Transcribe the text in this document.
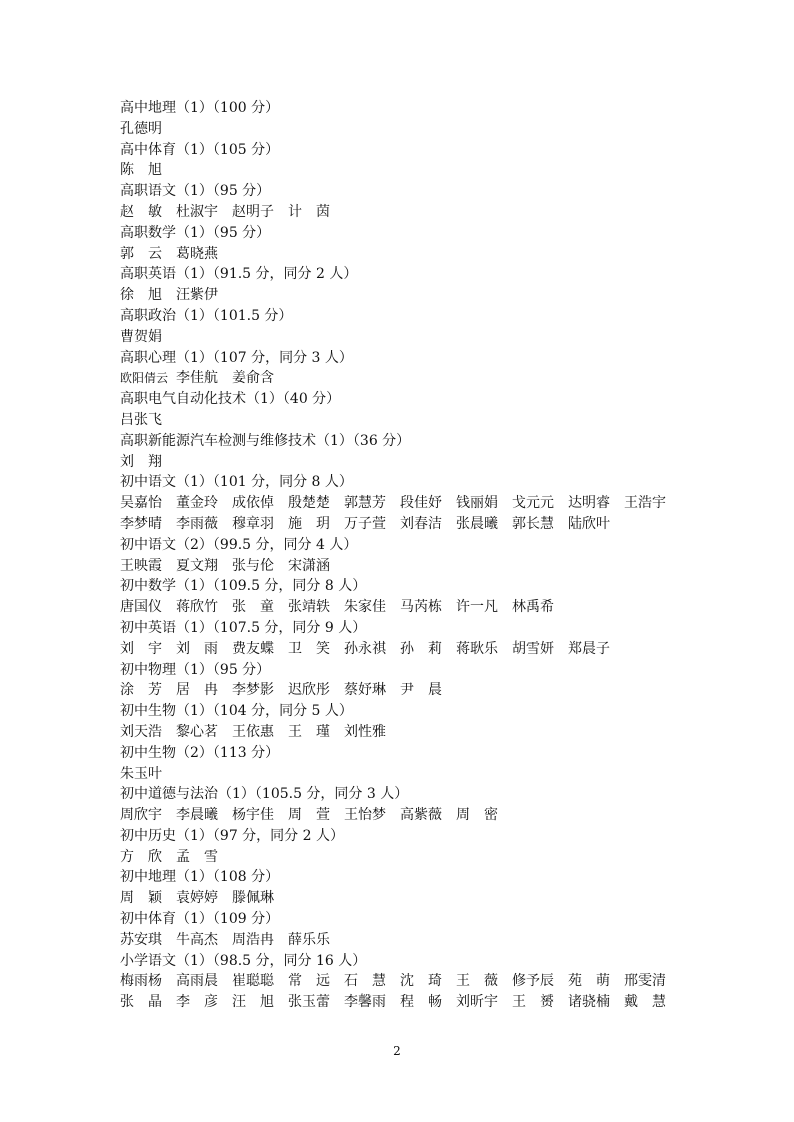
高中地理（1）（100 分）
孔德明
高中体育（1）（105 分）
陈　旭
高职语文（1）（95 分）
赵　敏	杜淑宇	赵明子	计　茵
高职数学（1）（95 分）
郭　云	葛晓燕
高职英语（1）（91.5 分，同分 2 人）
徐　旭	汪紫伊
高职政治（1）（101.5 分）
曹贺娟
高职心理（1）（107 分，同分 3 人）
欧阳倩云 李佳航	姜俞含
高职电气自动化技术（1）（40 分）
吕张飞
高职新能源汽车检测与维修技术（1）（36 分）
刘　翔
初中语文（1）（101 分，同分 8 人）
吴嘉怡	董金玲	成依倬	殷楚楚	郭慧芳	段佳妤	钱丽娟	戈元元	达明睿	王浩宇
李梦晴	李雨薇	穆章羽	施　玥	万子萱	刘春洁	张晨曦	郭长慧	陆欣叶
初中语文（2）（99.5 分，同分 4 人）
王映霞	夏文翔	张与伦	宋潇涵
初中数学（1）（109.5 分，同分 8 人）
唐国仪	蒋欣竹	张　童	张靖轶	朱家佳	马芮栋	许一凡	林禹希
初中英语（1）（107.5 分，同分 9 人）
刘　宇	刘　雨	费友蝶	卫　笑	孙永祺	孙　莉	蒋耿乐	胡雪妍	郑晨子
初中物理（1）（95 分）
涂　芳	居　冉	李梦影	迟欣彤	蔡妤琳	尹　晨
初中生物（1）（104 分，同分 5 人）
刘天浩	黎心茗	王依惠	王　瑾	刘性雅
初中生物（2）（113 分）
朱玉叶
初中道德与法治（1）（105.5 分，同分 3 人）
周欣宇	李晨曦	杨宇佳	周　萱	王怡梦	高紫薇	周　密
初中历史（1）（97 分，同分 2 人）
方　欣	孟　雪
初中地理（1）（108 分）
周　颖	袁婷婷	滕佩琳
初中体育（1）（109 分）
苏安琪	牛高杰	周浩冉	薛乐乐
小学语文（1）（98.5 分，同分 16 人）
梅雨杨	高雨晨	崔聪聪	常　远	石　慧	沈　琦	王　薇	修予辰	苑　萌	邢雯清
张　晶	李　彦	汪　旭	张玉蕾	李馨雨	程　畅	刘昕宇	王　赟	诸骁楠	戴　慧
2
